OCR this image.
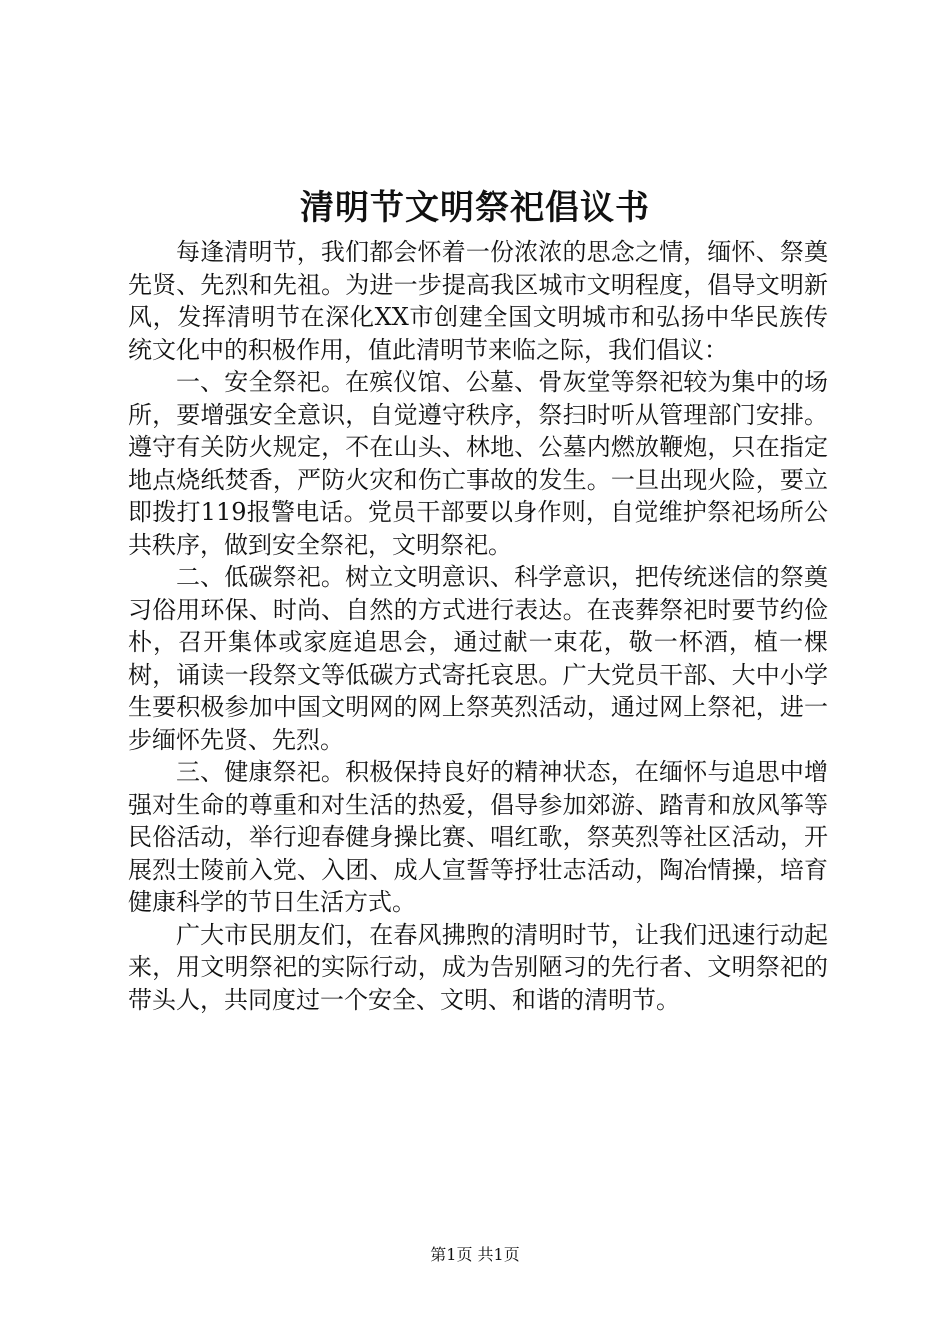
清明节文明祭祀倡议书

每逢清明节，我们都会怀着一份浓浓的思念之情，缅怀、祭奠先贤、先烈和先祖。为进一步提高我区城市文明程度，倡导文明新风，发挥清明节在深化XX市创建全国文明城市和弘扬中华民族传统文化中的积极作用，值此清明节来临之际，我们倡议：

一、安全祭祀。在殡仪馆、公墓、骨灰堂等祭祀较为集中的场所，要增强安全意识，自觉遵守秩序，祭扫时听从管理部门安排。遵守有关防火规定，不在山头、林地、公墓内燃放鞭炮，只在指定地点烧纸焚香，严防火灾和伤亡事故的发生。一旦出现火险，要立即拨打119报警电话。党员干部要以身作则，自觉维护祭祀场所公共秩序，做到安全祭祀，文明祭祀。

二、低碳祭祀。树立文明意识、科学意识，把传统迷信的祭奠习俗用环保、时尚、自然的方式进行表达。在丧葬祭祀时要节约俭朴，召开集体或家庭追思会，通过献一束花，敬一杯酒，植一棵树，诵读一段祭文等低碳方式寄托哀思。广大党员干部、大中小学生要积极参加中国文明网的网上祭英烈活动，通过网上祭祀，进一步缅怀先贤、先烈。

三、健康祭祀。积极保持良好的精神状态，在缅怀与追思中增强对生命的尊重和对生活的热爱，倡导参加郊游、踏青和放风筝等民俗活动，举行迎春健身操比赛、唱红歌，祭英烈等社区活动，开展烈士陵前入党、入团、成人宣誓等抒壮志活动，陶冶情操，培育健康科学的节日生活方式。

广大市民朋友们，在春风拂煦的清明时节，让我们迅速行动起来，用文明祭祀的实际行动，成为告别陋习的先行者、文明祭祀的带头人，共同度过一个安全、文明、和谐的清明节。

第1页 共1页
